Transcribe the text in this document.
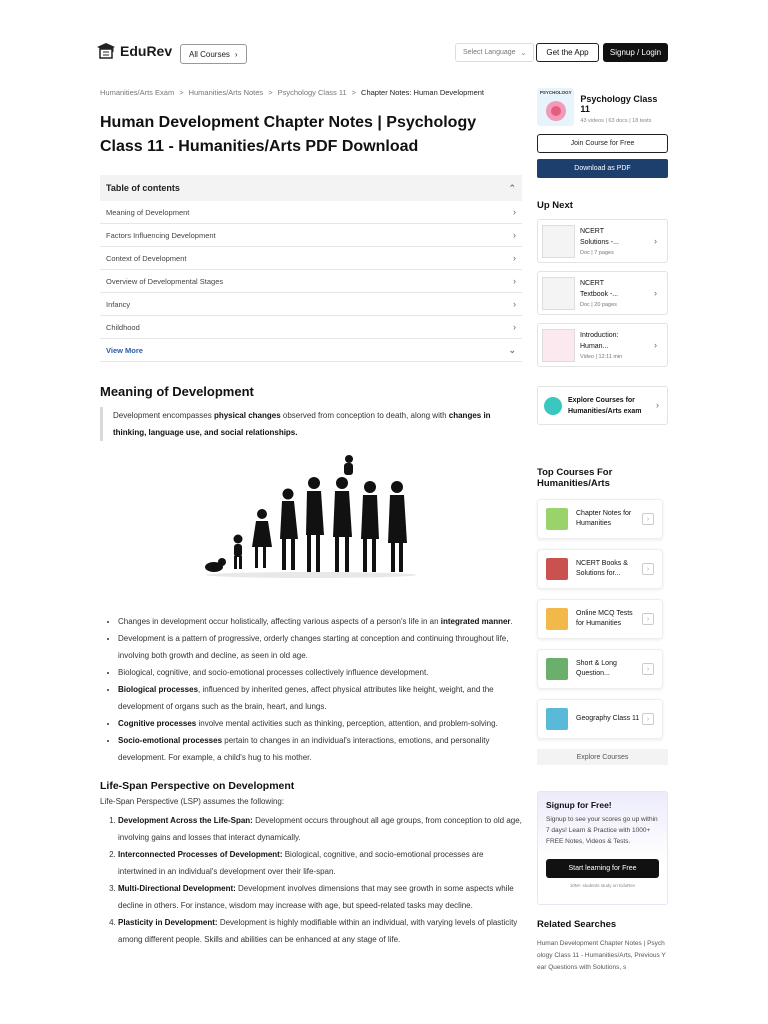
EduRev All Courses ›	Select Language ⌄	Get the App	Signup / Login
Humanities/Arts Exam > Humanities/Arts Notes > Psychology Class 11 > Chapter Notes: Human Development
Human Development Chapter Notes | Psychology Class 11 - Humanities/Arts PDF Download
Table of contents	⌃
Meaning of Development	›
Factors Influencing Development	›
Context of Development	›
Overview of Developmental Stages	›
Infancy	›
Childhood	›
View More	⌄
Meaning of Development
Development encompasses physical changes observed from conception to death, along with changes in thinking, language use, and social relationships.
• Changes in development occur holistically, affecting various aspects of a person's life in an integrated manner.
• Development is a pattern of progressive, orderly changes starting at conception and continuing throughout life, involving both growth and decline, as seen in old age.
• Biological, cognitive, and socio-emotional processes collectively influence development.
• Biological processes, influenced by inherited genes, affect physical attributes like height, weight, and the development of organs such as the brain, heart, and lungs.
• Cognitive processes involve mental activities such as thinking, perception, attention, and problem-solving.
• Socio-emotional processes pertain to changes in an individual's interactions, emotions, and personality development. For example, a child's hug to his mother.
Life-Span Perspective on Development

Life-Span Perspective (LSP) assumes the following:

1. Development Across the Life-Span: Development occurs throughout all age groups, from conception to old age, involving gains and losses that interact dynamically.
2. Interconnected Processes of Development: Biological, cognitive, and socio-emotional processes are intertwined in an individual's development over their life-span.
3. Multi-Directional Development: Development involves dimensions that may see growth in some aspects while decline in others. For instance, wisdom may increase with age, but speed-related tasks may decline.
4. Plasticity in Development: Development is highly modifiable within an individual, with varying levels of plasticity among different people. Skills and abilities can be enhanced at any stage of life.
PSYCHOLOGY
Psychology Class 11
43 videos | 63 docs | 18 tests
Join Course for Free
Download as PDF
Up Next
NCERT
Solutions -...
Doc | 7 pages
›
NCERT
Textbook -...
Doc | 20 pages
›
Introduction:
Human...
Video | 12:11 min
›
Explore Courses for
Humanities/Arts exam
›
Top Courses For Humanities/Arts
Chapter Notes for Humanities
›
NCERT Books & Solutions for...
›
Online MCQ Tests for Humanities
›
Short & Long Question...
›
Geography Class 11	›
Explore Courses
Signup for Free!
Signup to see your scores go up within 7 days! Learn & Practice with 1000+ FREE Notes, Videos & Tests.
Start learning for Free
10M+ students study on EduRev
Related Searches
Human Development Chapter Notes | Psychology Class 11 - Humanities/Arts, Previous Year Questions with Solutions, s
